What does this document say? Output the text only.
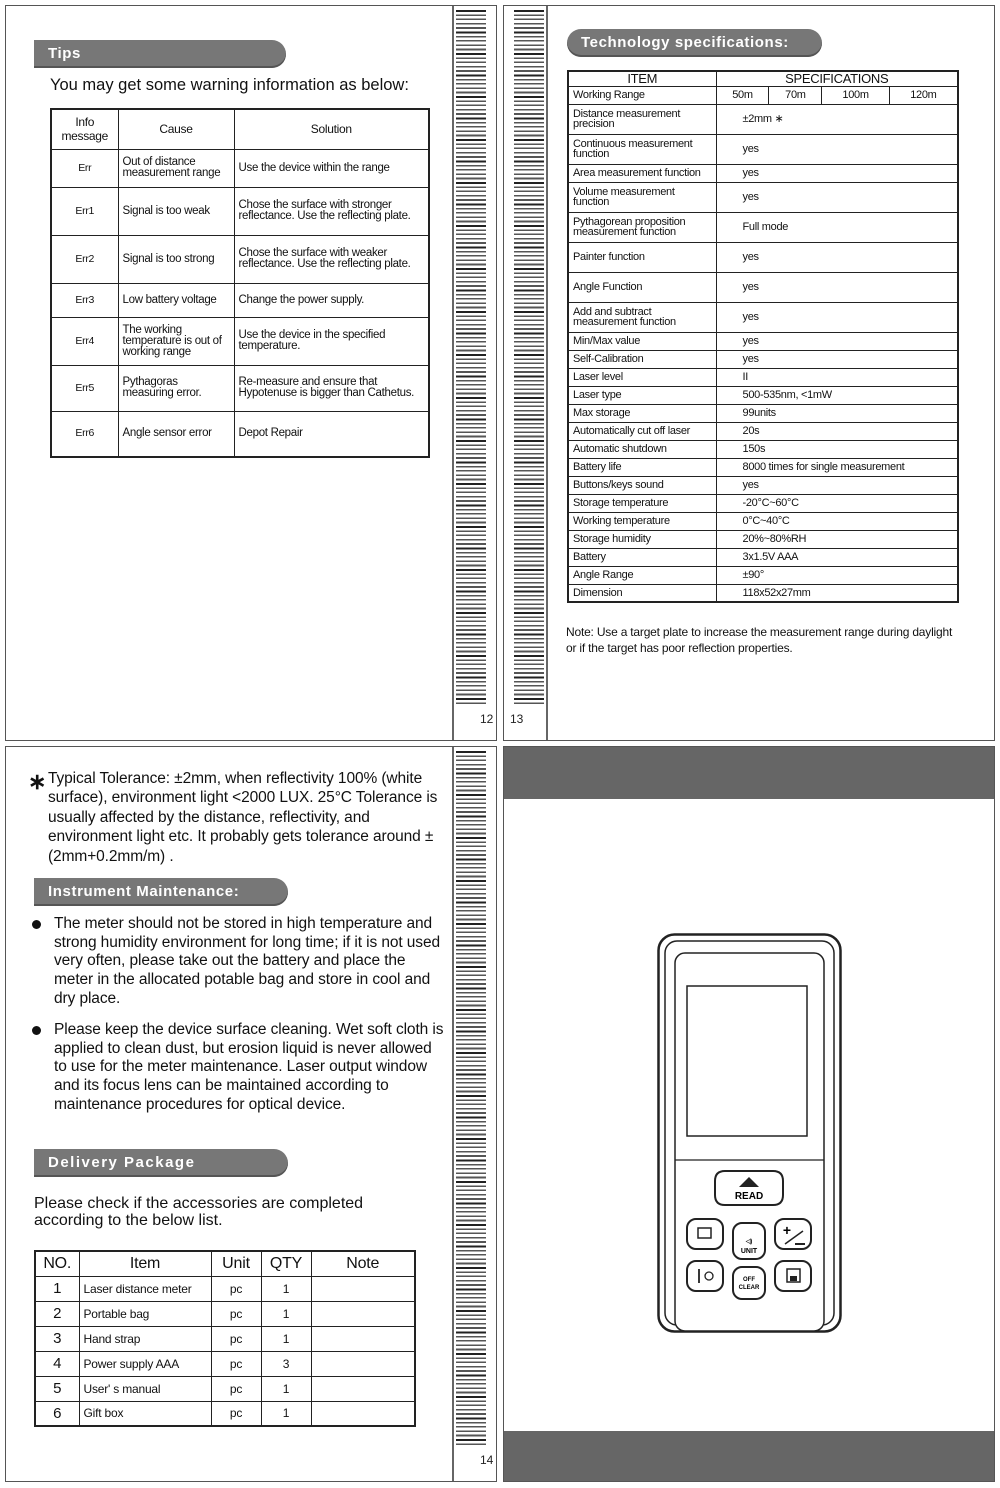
Tips
You may get some warning information as below:
Info message	Cause	Solution
Err	Out of distance measurement range	Use the device within the range
Err1	Signal is too weak	Chose the surface with stronger reflectance. Use the reflecting plate.
Err2	Signal is too strong	Chose the surface with weaker reflectance. Use the reflecting plate.
Err3	Low battery voltage	Change the power supply.
Err4	The working temperature is out of working range	Use the device in the specified temperature.
Err5	Pythagoras measuring error.	Re-measure and ensure that Hypotenuse is bigger than Cathetus.
Err6	Angle sensor error	Depot Repair
12 13
Technology specifications:
ITEM	SPECIFICATIONS			
Working Range	50m	70m	100m	120m
Distance measurement precision	±2mm ∗			
Continuous measurement function	yes			
Area measurement function	yes			
Volume measurement function	yes			
Pythagorean proposition measurement function	Full mode			
Painter function	yes			
Angle Function	yes			
Add and subtract measurement function	yes			
Min/Max value	yes			
Self-Calibration	yes			
Laser level	II			
Laser type	500-535nm, <1mW			
Max storage	99units			
Automatically cut off laser	20s			
Automatic shutdown	150s			
Battery life	8000 times for single measurement			
Buttons/keys sound	yes			
Storage temperature	-20°C~60°C			
Working temperature	0°C~40°C			
Storage humidity	20%~80%RH			
Battery	3x1.5V AAA			
Angle Range	±90°			
Dimension	118x52x27mm			
Note: Use a target plate to increase the measurement range during daylight or if the target has poor reflection properties.
∗ Typical Tolerance: ±2mm, when reflectivity 100% (white surface), environment light <2000 LUX. 25°C Tolerance is usually affected by the distance, reflectivity, and environment light etc. It probably gets tolerance around ± (2mm+0.2mm/m) .
Instrument Maintenance:
The meter should not be stored in high temperature and strong humidity environment for long time; if it is not used very often, please take out the battery and place the meter in the allocated potable bag and store in cool and dry place.
Please keep the device surface cleaning. Wet soft cloth is applied to clean dust, but erosion liquid is never allowed to use for the meter maintenance. Laser output window and its focus lens can be maintained according to maintenance procedures for optical device.
Delivery Package
Please check if the accessories are completed according to the below list.
NO.	Item	Unit	QTY	Note
1	Laser distance meter	pc	1	
2	Portable bag	pc	1	
3	Hand strap	pc	1	
4	Power supply AAA	pc	3	
5	User' s manual	pc	1	
6	Gift box	pc	1	
14
READ
◁)
UNIT
+
OFF
CLEAR
